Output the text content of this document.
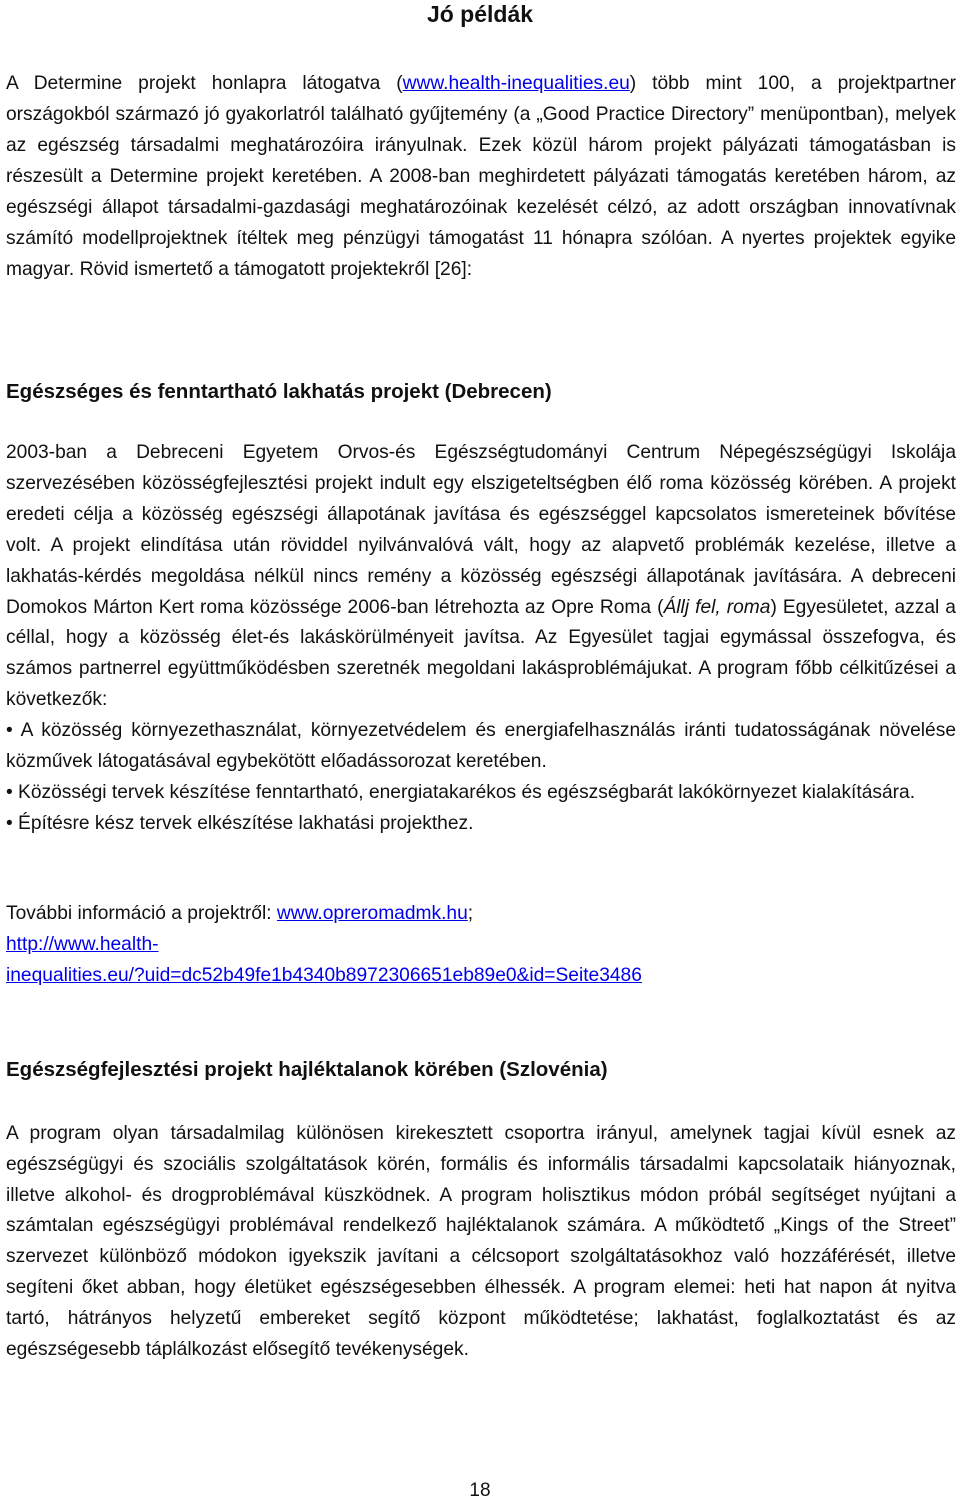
Jó példák

A Determine projekt honlapra látogatva (www.health-inequalities.eu) több mint 100, a projektpartner országokból származó jó gyakorlatról található gyűjtemény (a „Good Practice Directory” menüpontban), melyek az egészség társadalmi meghatározóira irányulnak. Ezek közül három projekt pályázati támogatásban is részesült a Determine projekt keretében. A 2008-ban meghirdetett pályázati támogatás keretében három, az egészségi állapot társadalmi-gazdasági meghatározóinak kezelését célzó, az adott országban innovatívnak számító modellprojektnek ítéltek meg pénzügyi támogatást 11 hónapra szólóan. A nyertes projektek egyike magyar. Rövid ismertető a támogatott projektekről [26]:

Egészséges és fenntartható lakhatás projekt (Debrecen)

2003-ban a Debreceni Egyetem Orvos-és Egészségtudományi Centrum Népegészségügyi Iskolája szervezésében közösségfejlesztési projekt indult egy elszigeteltségben élő roma közösség körében. A projekt eredeti célja a közösség egészségi állapotának javítása és egészséggel kapcsolatos ismereteinek bővítése volt. A projekt elindítása után röviddel nyilvánvalóvá vált, hogy az alapvető problémák kezelése, illetve a lakhatás-kérdés megoldása nélkül nincs remény a közösség egészségi állapotának javítására. A debreceni Domokos Márton Kert roma közössége 2006-ban létrehozta az Opre Roma (Állj fel, roma) Egyesületet, azzal a céllal, hogy a közösség élet-és lakáskörülményeit javítsa. Az Egyesület tagjai egymással összefogva, és számos partnerrel együttműködésben szeretnék megoldani lakásproblémájukat. A program főbb célkitűzései a következők:
• A közösség környezethasználat, környezetvédelem és energiafelhasználás iránti tudatosságának növelése közművek látogatásával egybekötött előadássorozat keretében.
• Közösségi tervek készítése fenntartható, energiatakarékos és egészségbarát lakókörnyezet kialakítására.
• Építésre kész tervek elkészítése lakhatási projekthez.

További információ a projektről: www.opreromadmk.hu;

http://www.health-

inequalities.eu/?uid=dc52b49fe1b4340b8972306651eb89e0&id=Seite3486

Egészségfejlesztési projekt hajléktalanok körében (Szlovénia)

A program olyan társadalmilag különösen kirekesztett csoportra irányul, amelynek tagjai kívül esnek az egészségügyi és szociális szolgáltatások körén, formális és informális társadalmi kapcsolataik hiányoznak, illetve alkohol- és drogproblémával küszködnek. A program holisztikus módon próbál segítséget nyújtani a számtalan egészségügyi problémával rendelkező hajléktalanok számára. A működtető „Kings of the Street” szervezet különböző módokon igyekszik javítani a célcsoport szolgáltatásokhoz való hozzáférését, illetve segíteni őket abban, hogy életüket egészségesebben élhessék. A program elemei: heti hat napon át nyitva tartó, hátrányos helyzetű embereket segítő központ működtetése; lakhatást, foglalkoztatást és az egészségesebb táplálkozást elősegítő tevékenységek.

18
